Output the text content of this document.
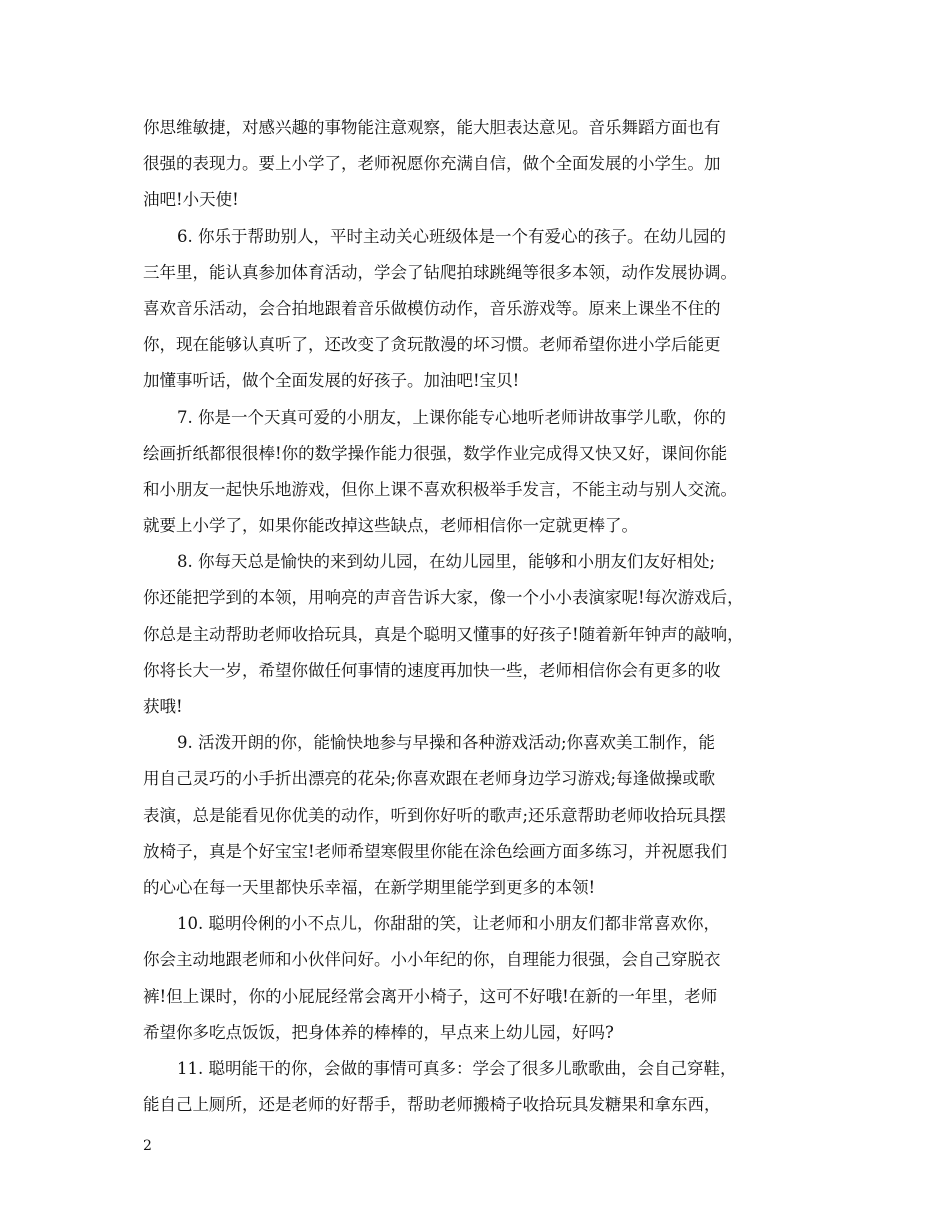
你思维敏捷，对感兴趣的事物能注意观察，能大胆表达意见。音乐舞蹈方面也有
很强的表现力。要上小学了，老师祝愿你充满自信，做个全面发展的小学生。加
油吧!小天使!
6. 你乐于帮助别人，平时主动关心班级体是一个有爱心的孩子。在幼儿园的
三年里，能认真参加体育活动，学会了钻爬拍球跳绳等很多本领，动作发展协调。
喜欢音乐活动，会合拍地跟着音乐做模仿动作，音乐游戏等。原来上课坐不住的
你，现在能够认真听了，还改变了贪玩散漫的坏习惯。老师希望你进小学后能更
加懂事听话，做个全面发展的好孩子。加油吧!宝贝!
7. 你是一个天真可爱的小朋友，上课你能专心地听老师讲故事学儿歌，你的
绘画折纸都很很棒!你的数学操作能力很强，数学作业完成得又快又好，课间你能
和小朋友一起快乐地游戏，但你上课不喜欢积极举手发言，不能主动与别人交流。
就要上小学了，如果你能改掉这些缺点，老师相信你一定就更棒了。
8. 你每天总是愉快的来到幼儿园，在幼儿园里，能够和小朋友们友好相处;
你还能把学到的本领，用响亮的声音告诉大家，像一个小小表演家呢!每次游戏后，
你总是主动帮助老师收拾玩具，真是个聪明又懂事的好孩子!随着新年钟声的敲响，
你将长大一岁，希望你做任何事情的速度再加快一些，老师相信你会有更多的收
获哦!
9. 活泼开朗的你，能愉快地参与早操和各种游戏活动;你喜欢美工制作，能
用自己灵巧的小手折出漂亮的花朵;你喜欢跟在老师身边学习游戏;每逢做操或歌
表演，总是能看见你优美的动作，听到你好听的歌声;还乐意帮助老师收拾玩具摆
放椅子，真是个好宝宝!老师希望寒假里你能在涂色绘画方面多练习，并祝愿我们
的心心在每一天里都快乐幸福，在新学期里能学到更多的本领!
10. 聪明伶俐的小不点儿，你甜甜的笑，让老师和小朋友们都非常喜欢你，
你会主动地跟老师和小伙伴问好。小小年纪的你，自理能力很强，会自己穿脱衣
裤!但上课时，你的小屁屁经常会离开小椅子，这可不好哦!在新的一年里，老师
希望你多吃点饭饭，把身体养的棒棒的，早点来上幼儿园，好吗?
11. 聪明能干的你，会做的事情可真多：学会了很多儿歌歌曲，会自己穿鞋，
能自己上厕所，还是老师的好帮手，帮助老师搬椅子收拾玩具发糖果和拿东西，
2
